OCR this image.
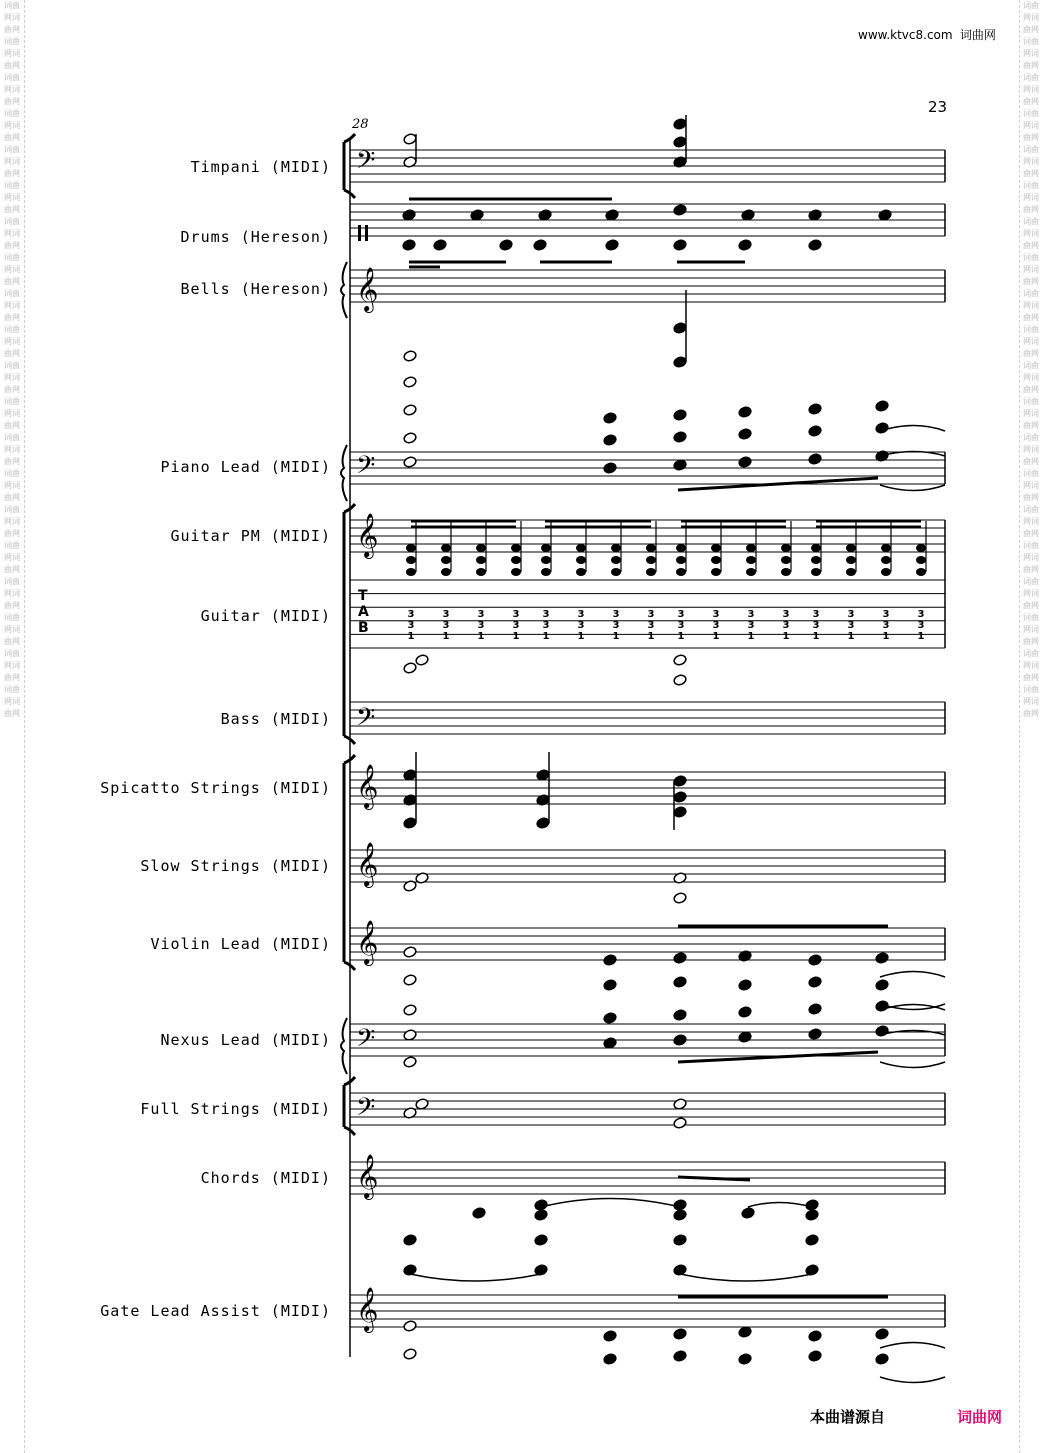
词曲网词曲网词曲网词曲网词曲网词曲网词曲网词曲网词曲网词曲网词曲网词曲网词曲网词曲网词曲网词曲网词曲网词曲网词曲网词曲网词曲网词曲网词曲网词曲网词曲网词曲网词曲网词曲网词曲网词曲网词曲网词曲网词曲网词曲网词曲网词曲网词曲网词曲网词曲网词曲网
词曲网词曲网词曲网词曲网词曲网词曲网词曲网词曲网词曲网词曲网词曲网词曲网词曲网词曲网词曲网词曲网词曲网词曲网词曲网词曲网词曲网词曲网词曲网词曲网词曲网词曲网词曲网词曲网词曲网词曲网词曲网词曲网词曲网词曲网词曲网词曲网词曲网词曲网词曲网词曲网
www.ktvc8.com 词曲网
23
28
Timpani (MIDI)
Drums (Hereson)
Bells (Hereson)
Piano Lead (MIDI)
Guitar PM (MIDI)
Guitar (MIDI)
Bass (MIDI)
Spicatto Strings (MIDI)
Slow Strings (MIDI)
Violin Lead (MIDI)
Nexus Lead (MIDI)
Full Strings (MIDI)
Chords (MIDI)
Gate Lead Assist (MIDI)
𝄢
𝄞
𝄢
𝄞
T
A
B
𝄢
𝄞
𝄞
𝄞
𝄢
𝄢
𝄞
𝄞
3
3
1
3
3
1
3
3
1
3
3
1
3
3
1
3
3
1
3
3
1
3
3
1
3
3
1
3
3
1
3
3
1
3
3
1
3
3
1
3
3
1
3
3
1
3
3
1
本曲谱源自	词曲网
